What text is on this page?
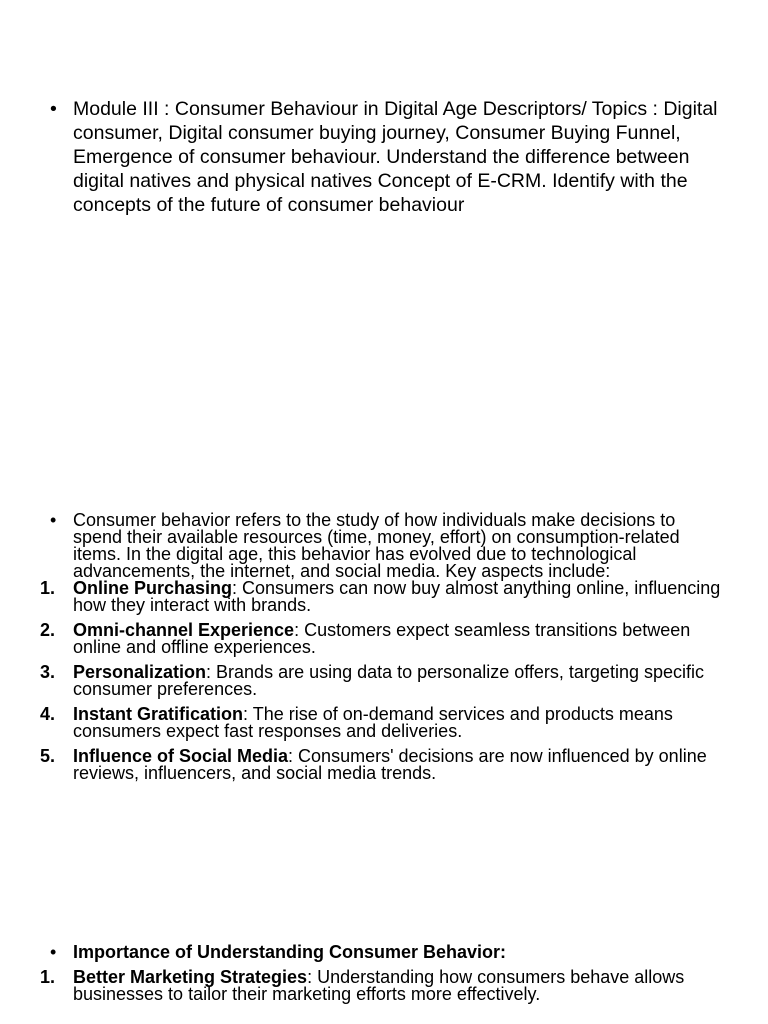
• Module III : Consumer Behaviour in Digital Age Descriptors/ Topics : Digital consumer, Digital consumer buying journey, Consumer Buying Funnel, Emergence of consumer behaviour. Understand the difference between digital natives and physical natives Concept of E-CRM. Identify with the concepts of the future of consumer behaviour
• Consumer behavior refers to the study of how individuals make decisions to spend their available resources (time, money, effort) on consumption-related items. In the digital age, this behavior has evolved due to technological advancements, the internet, and social media. Key aspects include:
1. Online Purchasing: Consumers can now buy almost anything online, influencing how they interact with brands.
2. Omni-channel Experience: Customers expect seamless transitions between online and offline experiences.
3. Personalization: Brands are using data to personalize offers, targeting specific consumer preferences.
4. Instant Gratification: The rise of on-demand services and products means consumers expect fast responses and deliveries.
5. Influence of Social Media: Consumers' decisions are now influenced by online reviews, influencers, and social media trends.
• Importance of Understanding Consumer Behavior:
1. Better Marketing Strategies: Understanding how consumers behave allows businesses to tailor their marketing efforts more effectively.
